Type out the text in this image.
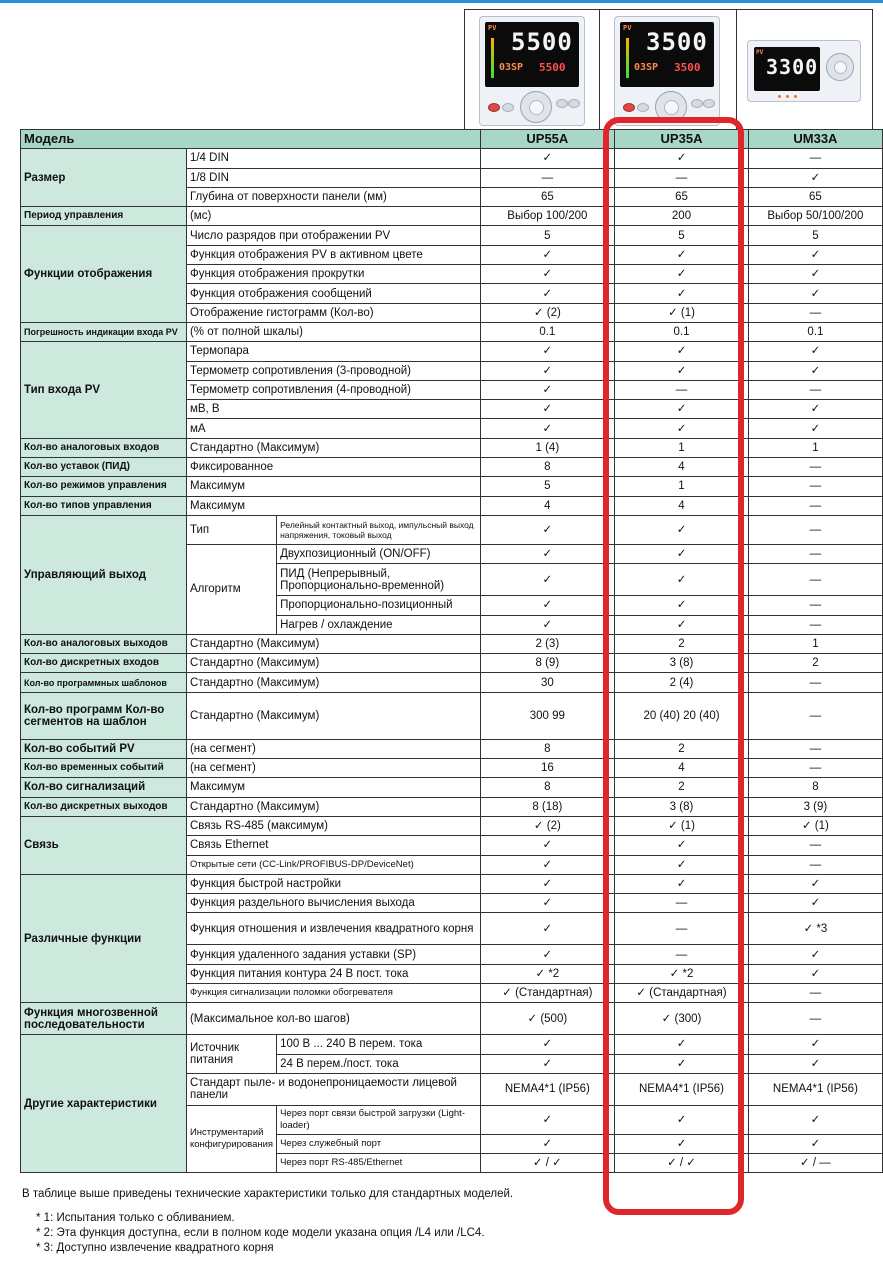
PV 5500
03SP 5500
PV 3500
03SP 3500
PV
3300
Модель			UP55A	UP35A	UM33A
Размер	1/4 DIN		✓	✓	—
	1/8 DIN		—	—	✓
	Глубина от поверхности панели (мм)		65	65	65
Период управления	(мс)		Выбор 100/200	200	Выбор 50/100/200
Функции отображения	Число разрядов при отображении PV		5	5	5
	Функция отображения PV в активном цвете		✓	✓	✓
	Функция отображения прокрутки		✓	✓	✓
	Функция отображения сообщений		✓	✓	✓
	Отображение гистограмм (Кол-во)		✓ (2)	✓ (1)	—
Погрешность индикации входа PV	(% от полной шкалы)		0.1	0.1	0.1
Тип входа PV	Термопара		✓	✓	✓
	Термометр сопротивления (3-проводной)		✓	✓	✓
	Термометр сопротивления (4-проводной)		✓	—	—
	мВ, В		✓	✓	✓
	мА		✓	✓	✓
Кол-во аналоговых входов	Стандартно (Максимум)		1 (4)	1	1
Кол-во уставок (ПИД)	Фиксированное		8	4	—
Кол-во режимов управления	Максимум		5	1	—
Кол-во типов управления	Максимум		4	4	—
Управляющий выход	Тип	Релейный контактный выход, импульсный выход напряжения, токовый выход	✓	✓	—
	Алгоритм	Двухпозиционный (ON/OFF)	✓	✓	—
		ПИД (Непрерывный, Пропорционально-временной)	✓	✓	—
		Пропорционально-позиционный	✓	✓	—
		Нагрев / охлаждение	✓	✓	—
Кол-во аналоговых выходов	Стандартно (Максимум)		2 (3)	2	1
Кол-во дискретных входов	Стандартно (Максимум)		8 (9)	3 (8)	2
Кол-во программных шаблонов	Стандартно (Максимум)		30	2 (4)	—
Кол-во программ Кол-во сегментов на шаблон	Стандартно (Максимум)		300 99	20 (40) 20 (40)	—
Кол-во событий PV	(на сегмент)		8	2	—
Кол-во временных событий	(на сегмент)		16	4	—
Кол-во сигнализаций	Максимум		8	2	8
Кол-во дискретных выходов	Стандартно (Максимум)		8 (18)	3 (8)	3 (9)
Связь	Связь RS-485 (максимум)		✓ (2)	✓ (1)	✓ (1)
	Связь Ethernet		✓	✓	—
	Открытые сети (CC-Link/PROFIBUS-DP/DeviceNet)		✓	✓	—
Различные функции	Функция быстрой настройки		✓	✓	✓
	Функция раздельного вычисления выхода		✓	—	✓
	Функция отношения и извлечения квадратного корня		✓	—	✓ *3
	Функция удаленного задания уставки (SP)		✓	—	✓
	Функция питания контура 24 В пост. тока		✓ *2	✓ *2	✓
	Функция сигнализации поломки обогревателя		✓ (Стандартная)	✓ (Стандартная)	—
Функция многозвенной последовательности	(Максимальное кол-во шагов)		✓ (500)	✓ (300)	—
Другие характеристики	Источник питания	100 В ... 240 В перем. тока	✓	✓	✓
		24 В перем./пост. тока	✓	✓	✓
	Стандарт пыле- и водонепроницаемости лицевой панели		NEMA4*1 (IP56)	NEMA4*1 (IP56)	NEMA4*1 (IP56)
	Инструментарий конфигурирования	Через порт связи быстрой загрузки (Light-loader)	✓	✓	✓
		Через служебный порт	✓	✓	✓
		Через порт RS-485/Ethernet	✓ / ✓	✓ / ✓	✓ / —
В таблице выше приведены технические характеристики только для стандартных моделей.
* 1: Испытания только с обливанием.
* 2: Эта функция доступна, если в полном коде модели указана опция /L4 или /LC4.
* 3: Доступно извлечение квадратного корня
